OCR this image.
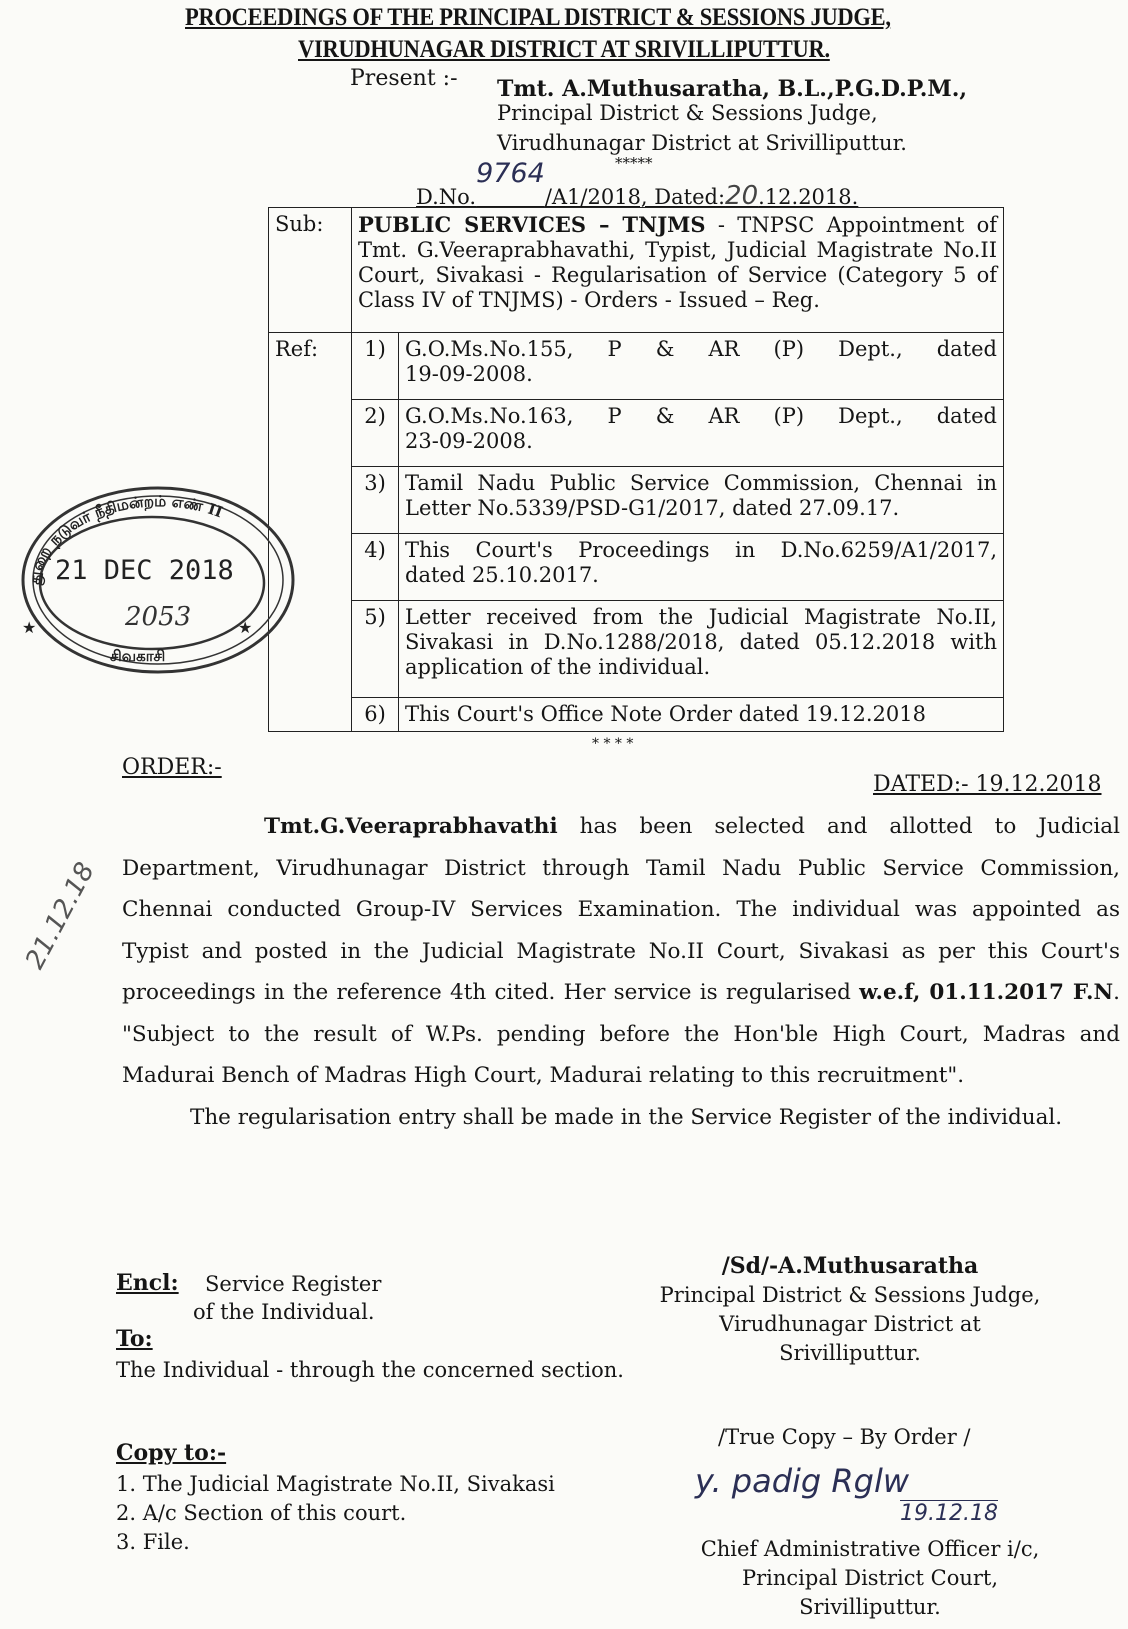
PROCEEDINGS OF THE PRINCIPAL DISTRICT & SESSIONS JUDGE,
VIRUDHUNAGAR DISTRICT AT SRIVILLIPUTTUR.
Present :- Tmt. A.Muthusaratha, B.L.,P.G.D.P.M.,
Principal District & Sessions Judge,
Virudhunagar District at Srivilliputtur.
*****
D.No.9764/A1/2018, Dated:20.12.2018.
Sub:	PUBLIC SERVICES – TNJMS - TNPSC Appointment of Tmt. G.Veeraprabhavathi, Typist, Judicial Magistrate No.II Court, Sivakasi - Regularisation of Service (Category 5 of Class IV of TNJMS) - Orders - Issued – Reg.	
Ref:	1)	G.O.Ms.No.155, P & AR (P) Dept., dated
19-09-2008.

	2)	G.O.Ms.No.163, P & AR (P) Dept., dated
23-09-2008.

	3)	Tamil Nadu Public Service Commission, Chennai in
Letter No.5339/PSD-G1/2017, dated 27.09.17.

	4)	This Court's Proceedings in D.No.6259/A1/2017,
dated 25.10.2017.

	5)	Letter received from the Judicial Magistrate No.II,
Sivakasi in D.No.1288/2018, dated 05.12.2018 with
application of the individual.

	6)	This Court's Office Note Order dated 19.12.2018
* * * *
துறை நடுவர் நீதிமன்றம் எண் II
21 DEC 2018
2053
★	★
சிவகாசி
ORDER:-
DATED:- 19.12.2018

Tmt.G.Veeraprabhavathi has been selected and allotted to Judicial Department, Virudhunagar District through Tamil Nadu Public Service Commission, Chennai conducted Group-IV Services Examination. The individual was appointed as Typist and posted in the Judicial Magistrate No.II Court, Sivakasi as per this Court's proceedings in the reference 4th cited. Her service is regularised w.e.f, 01.11.2017 F.N. "Subject to the result of W.Ps. pending before the Hon'ble High Court, Madras and Madurai Bench of Madras High Court, Madurai relating to this recruitment".

The regularisation entry shall be made in the Service Register of the individual.

21.12.18
Encl: Service Register
of the Individual.
To:
The Individual - through the concerned section.
/Sd/-A.Muthusaratha
Principal District & Sessions Judge,
Virudhunagar District at
Srivilliputtur.
Copy to:-
1. The Judicial Magistrate No.II, Sivakasi
2. A/c Section of this court.
3. File.
/True Copy – By Order /
y. padig Rglw
19.12.18
Chief Administrative Officer i/c,
Principal District Court,
Srivilliputtur.
